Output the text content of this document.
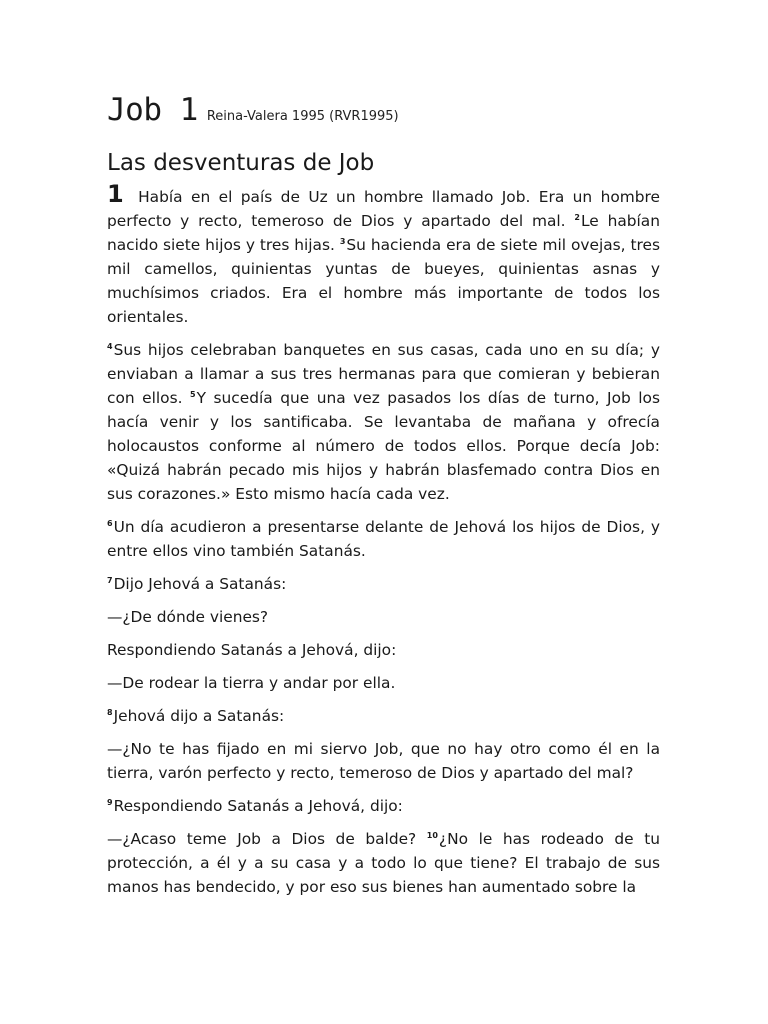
Job 1 Reina-Valera 1995 (RVR1995)
Las desventuras de Job

1 Había en el país de Uz un hombre llamado Job. Era un hombre perfecto y recto, temeroso de Dios y apartado del mal. $^2$Le habían nacido siete hijos y tres hijas. $^3$Su hacienda era de siete mil ovejas, tres mil camellos, quinientas yuntas de bueyes, quinientas asnas y muchísimos criados. Era el hombre más importante de todos los orientales.

$^4$Sus hijos celebraban banquetes en sus casas, cada uno en su día; y enviaban a llamar a sus tres hermanas para que comieran y bebieran con ellos. $^5$Y sucedía que una vez pasados los días de turno, Job los hacía venir y los santificaba. Se levantaba de mañana y ofrecía holocaustos conforme al número de todos ellos. Porque decía Job: «Quizá habrán pecado mis hijos y habrán blasfemado contra Dios en sus corazones.» Esto mismo hacía cada vez.

$^6$Un día acudieron a presentarse delante de Jehová los hijos de Dios, y entre ellos vino también Satanás.

$^7$Dijo Jehová a Satanás:

—¿De dónde vienes?

Respondiendo Satanás a Jehová, dijo:

—De rodear la tierra y andar por ella.

$^8$Jehová dijo a Satanás:

—¿No te has fijado en mi siervo Job, que no hay otro como él en la tierra, varón perfecto y recto, temeroso de Dios y apartado del mal?

$^9$Respondiendo Satanás a Jehová, dijo:

—¿Acaso teme Job a Dios de balde? $^{10}$¿No le has rodeado de tu protección, a él y a su casa y a todo lo que tiene? El trabajo de sus manos has bendecido, y por eso sus bienes han aumentado sobre la
